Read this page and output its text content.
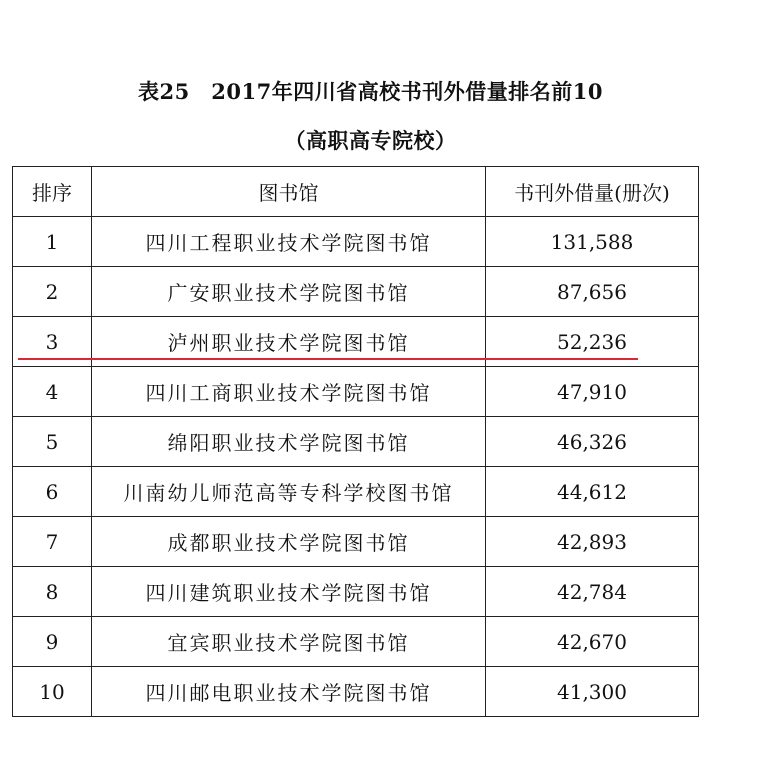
表25　2017年四川省高校书刊外借量排名前10
（高职高专院校）
排序	图书馆	书刊外借量(册次)
1	四川工程职业技术学院图书馆	131,588
2	广安职业技术学院图书馆	87,656
3	泸州职业技术学院图书馆	52,236
4	四川工商职业技术学院图书馆	47,910
5	绵阳职业技术学院图书馆	46,326
6	川南幼儿师范高等专科学校图书馆	44,612
7	成都职业技术学院图书馆	42,893
8	四川建筑职业技术学院图书馆	42,784
9	宜宾职业技术学院图书馆	42,670
10	四川邮电职业技术学院图书馆	41,300
